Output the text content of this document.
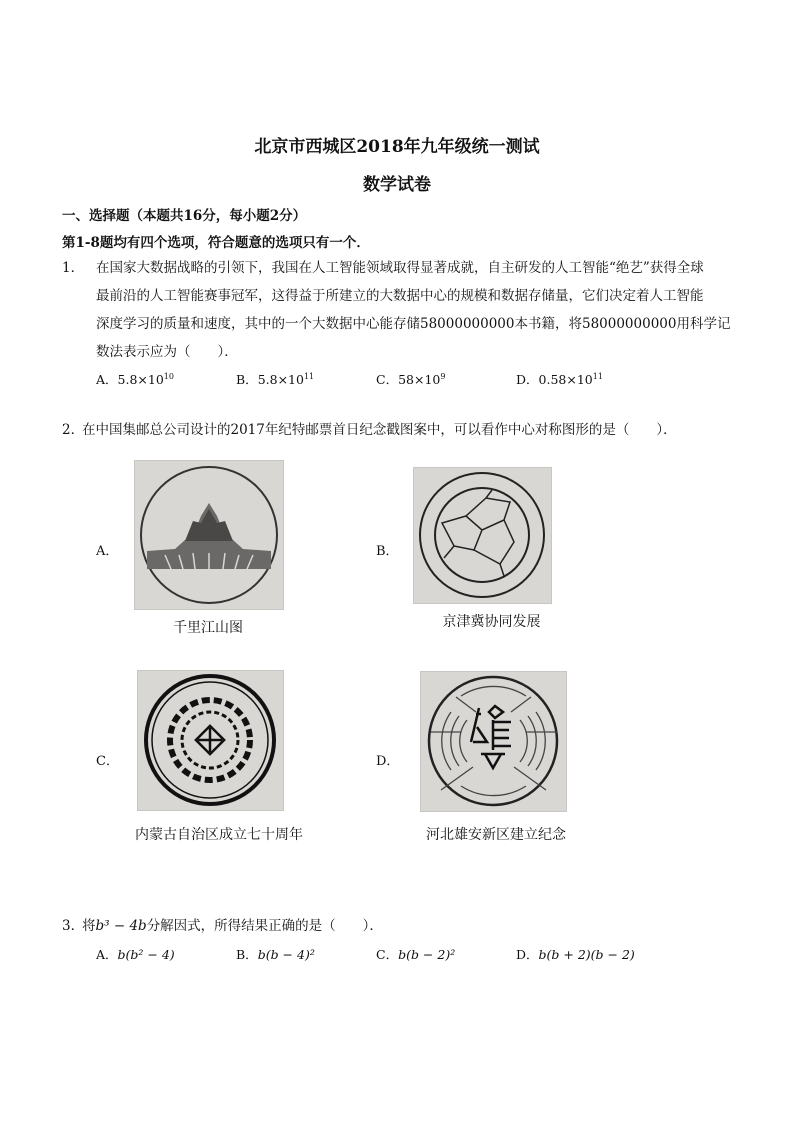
北京市西城区2018年九年级统一测试
数学试卷
一、选择题（本题共16分，每小题2分）
第1-8题均有四个选项，符合题意的选项只有一个．
1． 在国家大数据战略的引领下，我国在人工智能领域取得显著成就，自主研发的人工智能“绝艺”获得全球
最前沿的人工智能赛事冠军，这得益于所建立的大数据中心的规模和数据存储量，它们决定着人工智能
深度学习的质量和速度，其中的一个大数据中心能存储58000000000本书籍，将58000000000用科学记
数法表示应为（　　）．
A．$5.8\times 10^{10}$	B．$5.8\times 10^{11}$	C．$58\times 10^9$	D．$0.58\times 10^{11}$
2．
在中国集邮总公司设计的2017年纪特邮票首日纪念戳图案中，可以看作中心对称图形的是（　　）．
A．
千里江山图
B．
京津冀协同发展
C．
内蒙古自治区成立七十周年
D．
河北雄安新区建立纪念
3．
将b³ − 4b分解因式，所得结果正确的是（　　）．
A．b(b² − 4)	B．b(b − 4)²	C．b(b − 2)²	D．b(b + 2)(b − 2)
